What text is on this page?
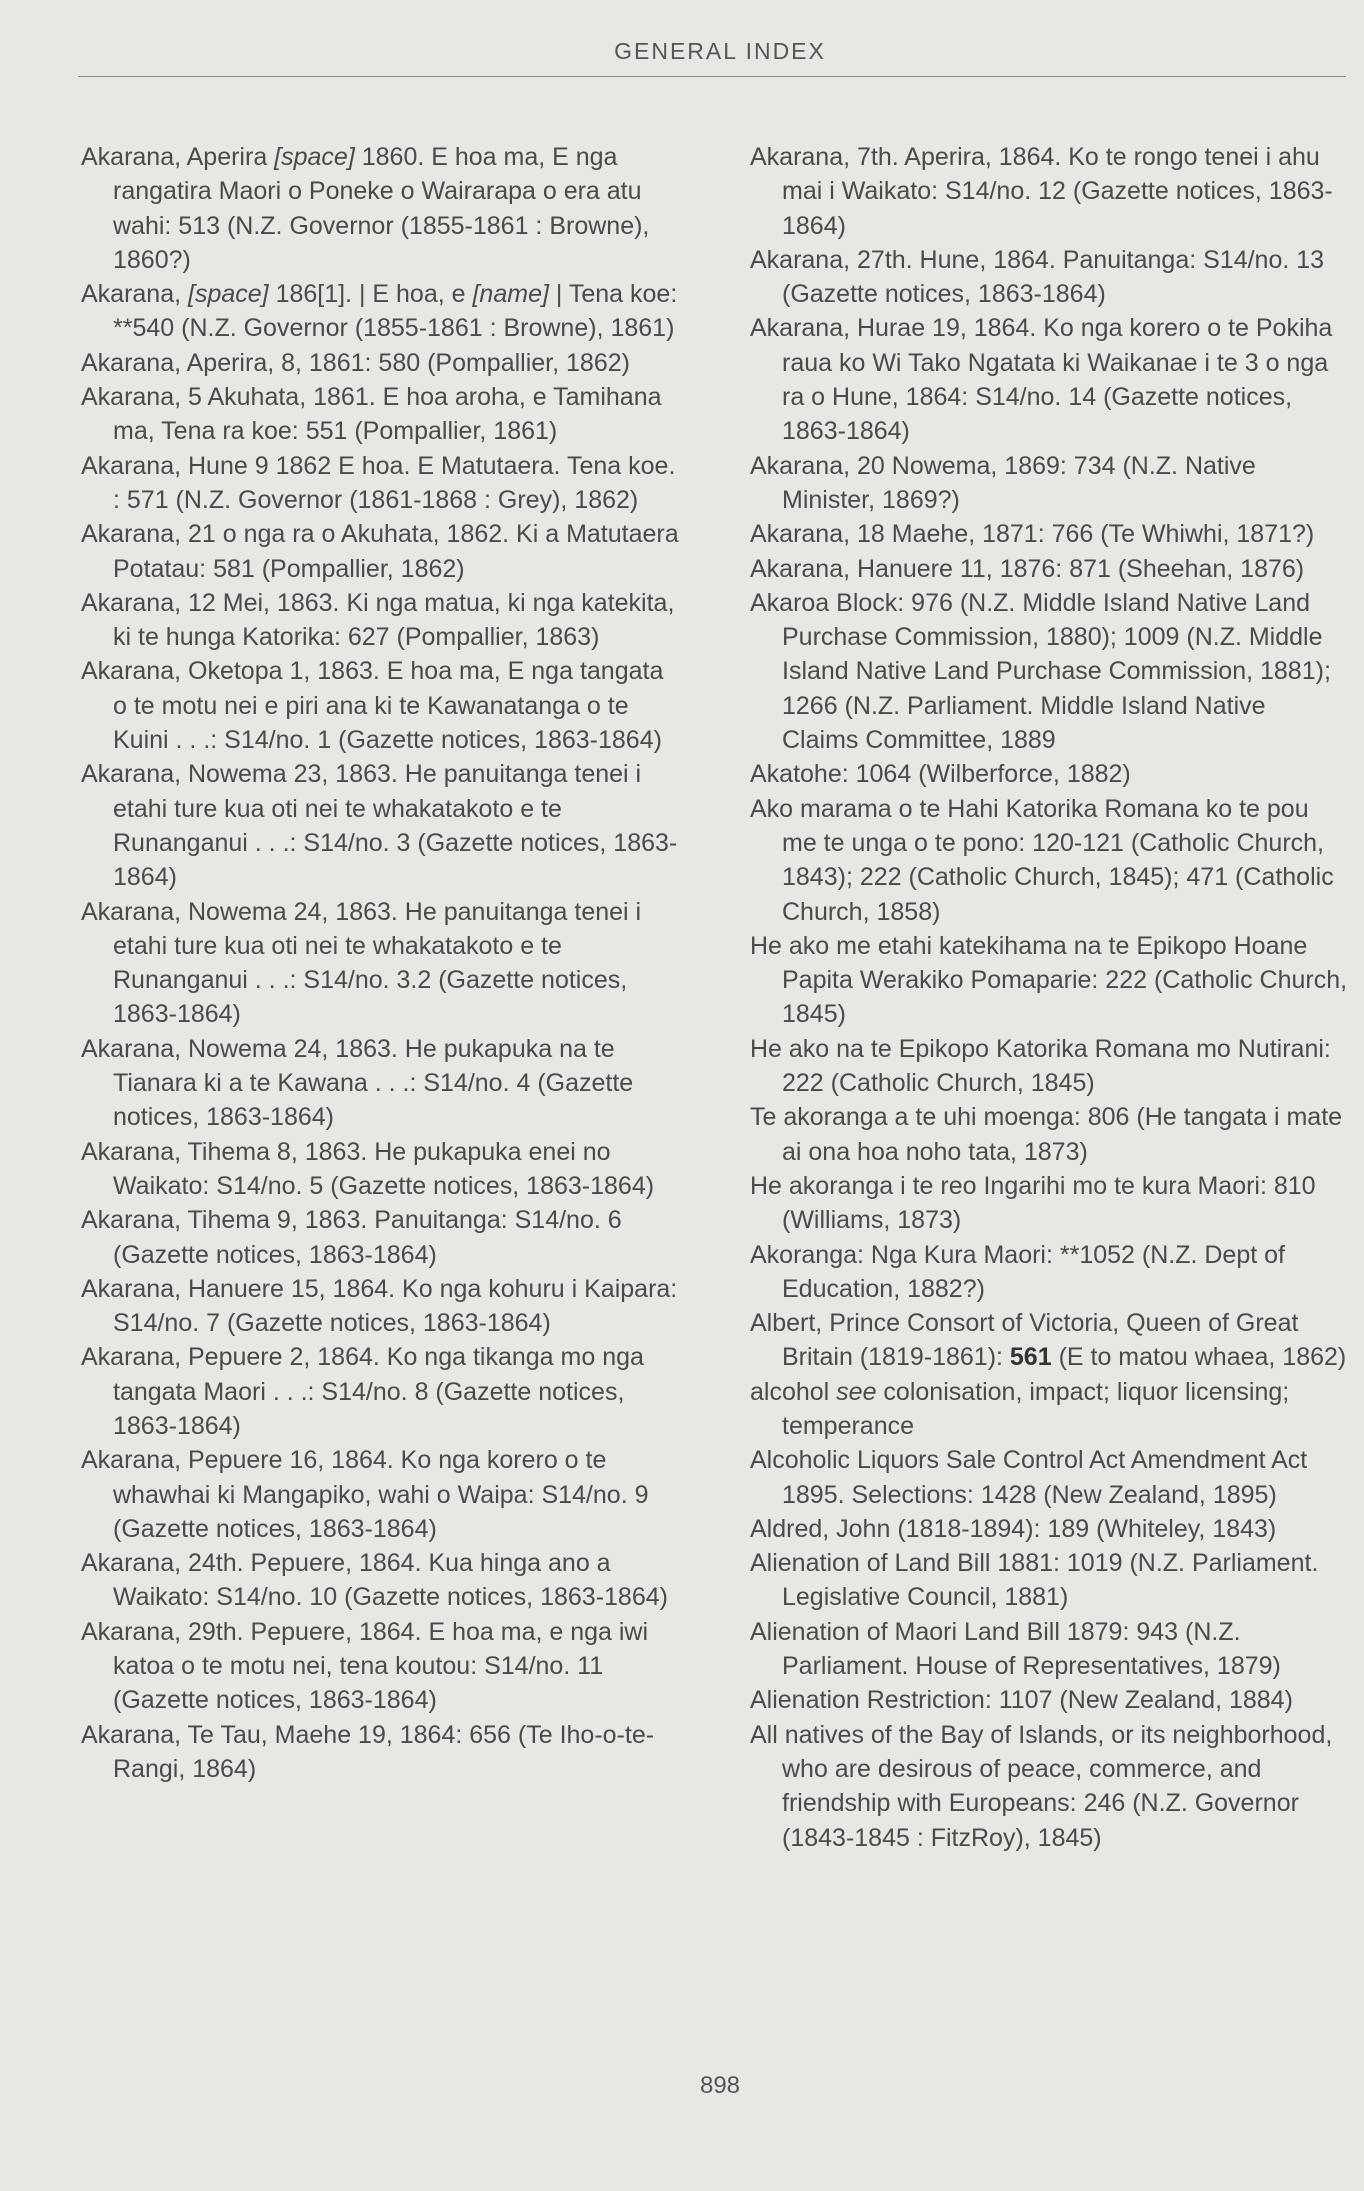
GENERAL INDEX
Akarana, Aperira [space] 1860. E hoa ma, E nga rangatira Maori o Poneke o Wairarapa o era atu wahi: 513 (N.Z. Governor (1855-1861 : Browne), 1860?)
Akarana, [space] 186[1]. | E hoa, e [name] | Tena koe: **540 (N.Z. Governor (1855-1861 : Browne), 1861)
Akarana, Aperira, 8, 1861: 580 (Pompallier, 1862)
Akarana, 5 Akuhata, 1861. E hoa aroha, e Tamihana ma, Tena ra koe: 551 (Pompallier, 1861)
Akarana, Hune 9 1862 E hoa. E Matutaera. Tena koe. : 571 (N.Z. Governor (1861-1868 : Grey), 1862)
Akarana, 21 o nga ra o Akuhata, 1862. Ki a Matutaera Potatau: 581 (Pompallier, 1862)
Akarana, 12 Mei, 1863. Ki nga matua, ki nga katekita, ki te hunga Katorika: 627 (Pompallier, 1863)
Akarana, Oketopa 1, 1863. E hoa ma, E nga tangata o te motu nei e piri ana ki te Kawanatanga o te Kuini . . .: S14/no. 1 (Gazette notices, 1863-1864)
Akarana, Nowema 23, 1863. He panuitanga tenei i etahi ture kua oti nei te whakatakoto e te Runanganui . . .: S14/no. 3 (Gazette notices, 1863-1864)
Akarana, Nowema 24, 1863. He panuitanga tenei i etahi ture kua oti nei te whakatakoto e te Runanganui . . .: S14/no. 3.2 (Gazette notices, 1863-1864)
Akarana, Nowema 24, 1863. He pukapuka na te Tianara ki a te Kawana . . .: S14/no. 4 (Gazette notices, 1863-1864)
Akarana, Tihema 8, 1863. He pukapuka enei no Waikato: S14/no. 5 (Gazette notices, 1863-1864)
Akarana, Tihema 9, 1863. Panuitanga: S14/no. 6 (Gazette notices, 1863-1864)
Akarana, Hanuere 15, 1864. Ko nga kohuru i Kaipara: S14/no. 7 (Gazette notices, 1863-1864)
Akarana, Pepuere 2, 1864. Ko nga tikanga mo nga tangata Maori . . .: S14/no. 8 (Gazette notices, 1863-1864)
Akarana, Pepuere 16, 1864. Ko nga korero o te whawhai ki Mangapiko, wahi o Waipa: S14/no. 9 (Gazette notices, 1863-1864)
Akarana, 24th. Pepuere, 1864. Kua hinga ano a Waikato: S14/no. 10 (Gazette notices, 1863-1864)
Akarana, 29th. Pepuere, 1864. E hoa ma, e nga iwi katoa o te motu nei, tena koutou: S14/no. 11 (Gazette notices, 1863-1864)
Akarana, Te Tau, Maehe 19, 1864: 656 (Te Iho-o-te-Rangi, 1864)
Akarana, 7th. Aperira, 1864. Ko te rongo tenei i ahu mai i Waikato: S14/no. 12 (Gazette notices, 1863-1864)
Akarana, 27th. Hune, 1864. Panuitanga: S14/no. 13 (Gazette notices, 1863-1864)
Akarana, Hurae 19, 1864. Ko nga korero o te Pokiha raua ko Wi Tako Ngatata ki Waikanae i te 3 o nga ra o Hune, 1864: S14/no. 14 (Gazette notices, 1863-1864)
Akarana, 20 Nowema, 1869: 734 (N.Z. Native Minister, 1869?)
Akarana, 18 Maehe, 1871: 766 (Te Whiwhi, 1871?)
Akarana, Hanuere 11, 1876: 871 (Sheehan, 1876)
Akaroa Block: 976 (N.Z. Middle Island Native Land Purchase Commission, 1880); 1009 (N.Z. Middle Island Native Land Purchase Commission, 1881); 1266 (N.Z. Parliament. Middle Island Native Claims Committee, 1889
Akatohe: 1064 (Wilberforce, 1882)
Ako marama o te Hahi Katorika Romana ko te pou me te unga o te pono: 120-121 (Catholic Church, 1843); 222 (Catholic Church, 1845); 471 (Catholic Church, 1858)
He ako me etahi katekihama na te Epikopo Hoane Papita Werakiko Pomaparie: 222 (Catholic Church, 1845)
He ako na te Epikopo Katorika Romana mo Nutirani: 222 (Catholic Church, 1845)
Te akoranga a te uhi moenga: 806 (He tangata i mate ai ona hoa noho tata, 1873)
He akoranga i te reo Ingarihi mo te kura Maori: 810 (Williams, 1873)
Akoranga: Nga Kura Maori: **1052 (N.Z. Dept of Education, 1882?)
Albert, Prince Consort of Victoria, Queen of Great Britain (1819-1861): 561 (E to matou whaea, 1862)
alcohol see colonisation, impact; liquor licensing; temperance
Alcoholic Liquors Sale Control Act Amendment Act 1895. Selections: 1428 (New Zealand, 1895)
Aldred, John (1818-1894): 189 (Whiteley, 1843)
Alienation of Land Bill 1881: 1019 (N.Z. Parliament. Legislative Council, 1881)
Alienation of Maori Land Bill 1879: 943 (N.Z. Parliament. House of Representatives, 1879)
Alienation Restriction: 1107 (New Zealand, 1884)
All natives of the Bay of Islands, or its neighborhood, who are desirous of peace, commerce, and friendship with Europeans: 246 (N.Z. Governor (1843-1845 : FitzRoy), 1845)
898
